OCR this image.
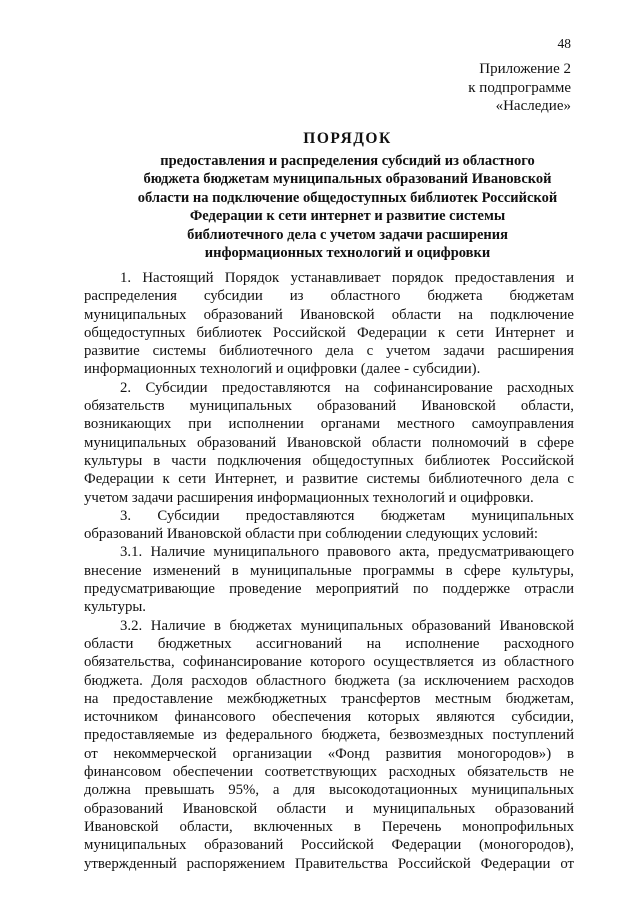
48
Приложение 2
к подпрограмме
«Наследие»
ПОРЯДОК
предоставления и распределения субсидий из областного
бюджета бюджетам муниципальных образований Ивановской
области на подключение общедоступных библиотек Российской
Федерации к сети интернет и развитие системы
библиотечного дела с учетом задачи расширения
информационных технологий и оцифровки
1. Настоящий Порядок устанавливает порядок предоставления и
распределения субсидии из областного бюджета бюджетам
муниципальных образований Ивановской области на подключение
общедоступных библиотек Российской Федерации к сети Интернет и
развитие системы библиотечного дела с учетом задачи расширения
информационных технологий и оцифровки (далее - субсидии).
2. Субсидии предоставляются на софинансирование расходных
обязательств муниципальных образований Ивановской области,
возникающих при исполнении органами местного самоуправления
муниципальных образований Ивановской области полномочий в сфере
культуры в части подключения общедоступных библиотек Российской
Федерации к сети Интернет, и развитие системы библиотечного дела с
учетом задачи расширения информационных технологий и оцифровки.
3. Субсидии предоставляются бюджетам муниципальных
образований Ивановской области при соблюдении следующих условий:
3.1. Наличие муниципального правового акта, предусматривающего
внесение изменений в муниципальные программы в сфере культуры,
предусматривающие проведение мероприятий по поддержке отрасли
культуры.
3.2. Наличие в бюджетах муниципальных образований Ивановской
области бюджетных ассигнований на исполнение расходного
обязательства, софинансирование которого осуществляется из областного
бюджета. Доля расходов областного бюджета (за исключением расходов
на предоставление межбюджетных трансфертов местным бюджетам,
источником финансового обеспечения которых являются субсидии,
предоставляемые из федерального бюджета, безвозмездных поступлений
от некоммерческой организации «Фонд развития моногородов») в
финансовом обеспечении соответствующих расходных обязательств не
должна превышать 95%, а для высокодотационных муниципальных
образований Ивановской области и муниципальных образований
Ивановской области, включенных в Перечень монопрофильных
муниципальных образований Российской Федерации (моногородов),
утвержденный распоряжением Правительства Российской Федерации от
